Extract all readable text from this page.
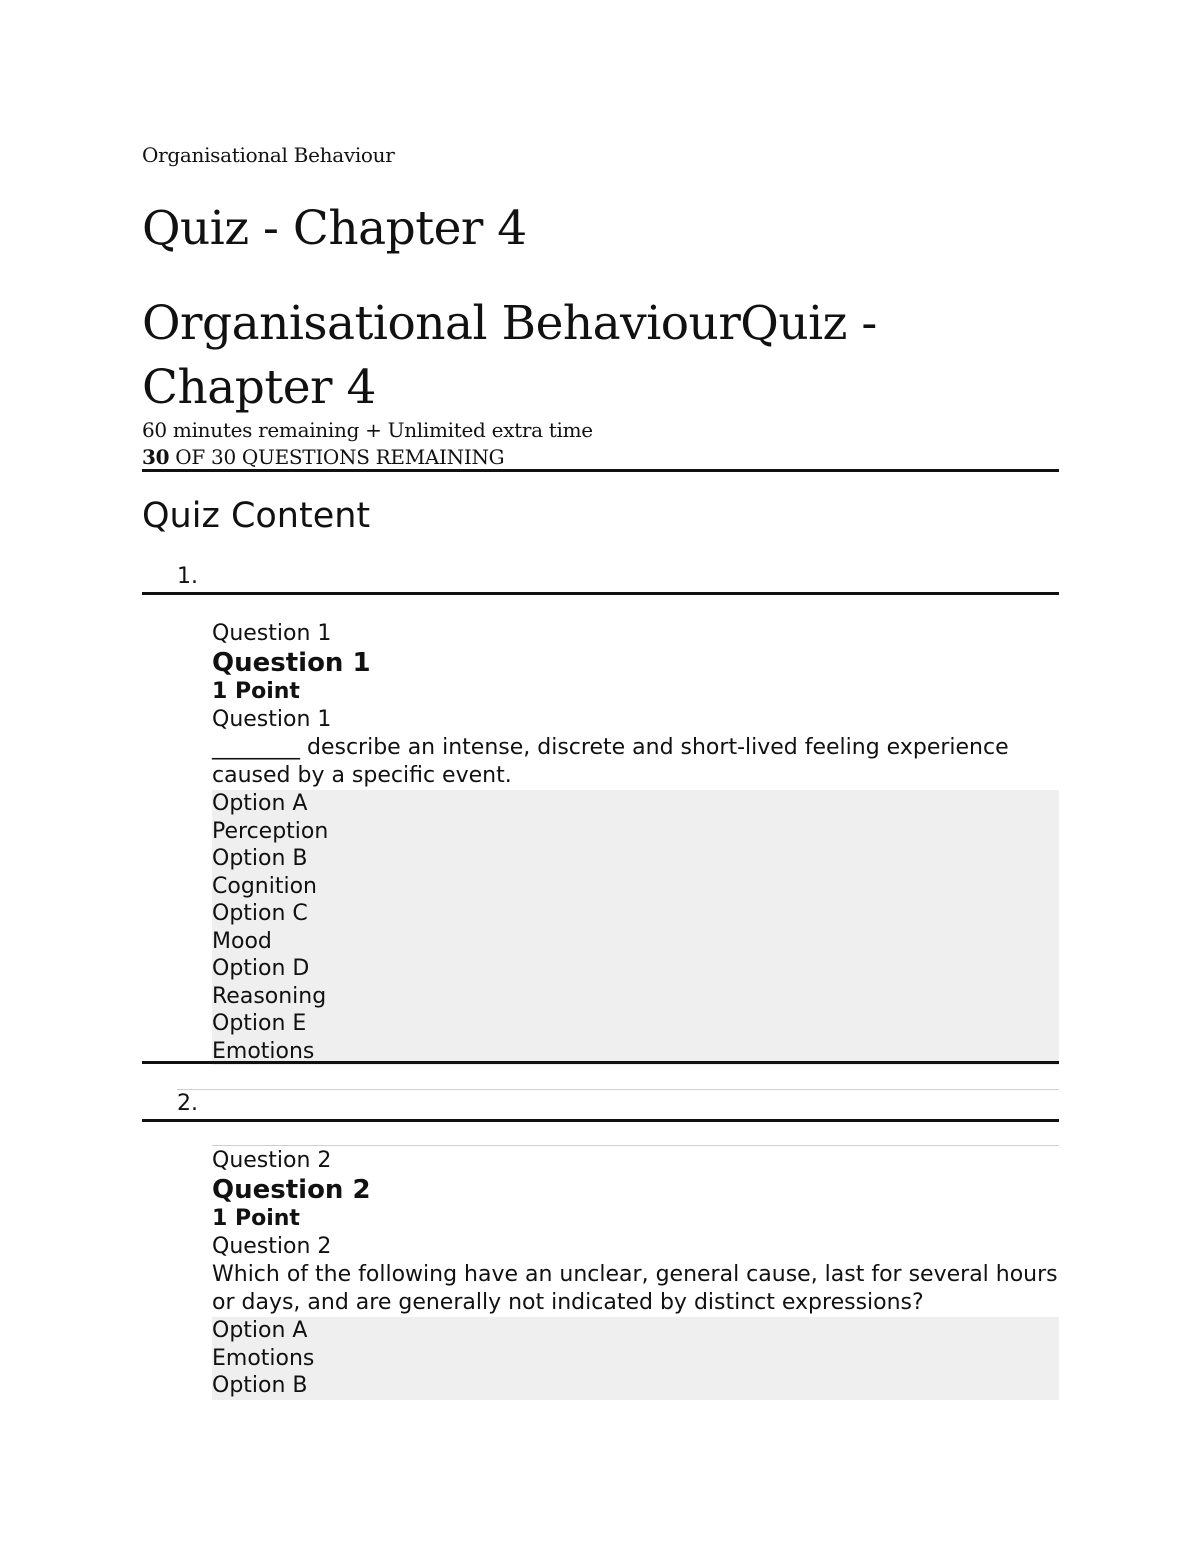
Organisational Behaviour
Quiz - Chapter 4
Organisational BehaviourQuiz - Chapter 4
60 minutes remaining + Unlimited extra time
30 OF 30 QUESTIONS REMAINING
Quiz Content
1.
Question 1
Question 1
1 Point
Question 1
________ describe an intense, discrete and short-lived feeling experience caused by a specific event.
Option A
Perception
Option B
Cognition
Option C
Mood
Option D
Reasoning
Option E
Emotions
2.
Question 2
Question 2
1 Point
Question 2
Which of the following have an unclear, general cause, last for several hours or days, and are generally not indicated by distinct expressions?
Option A
Emotions
Option B
